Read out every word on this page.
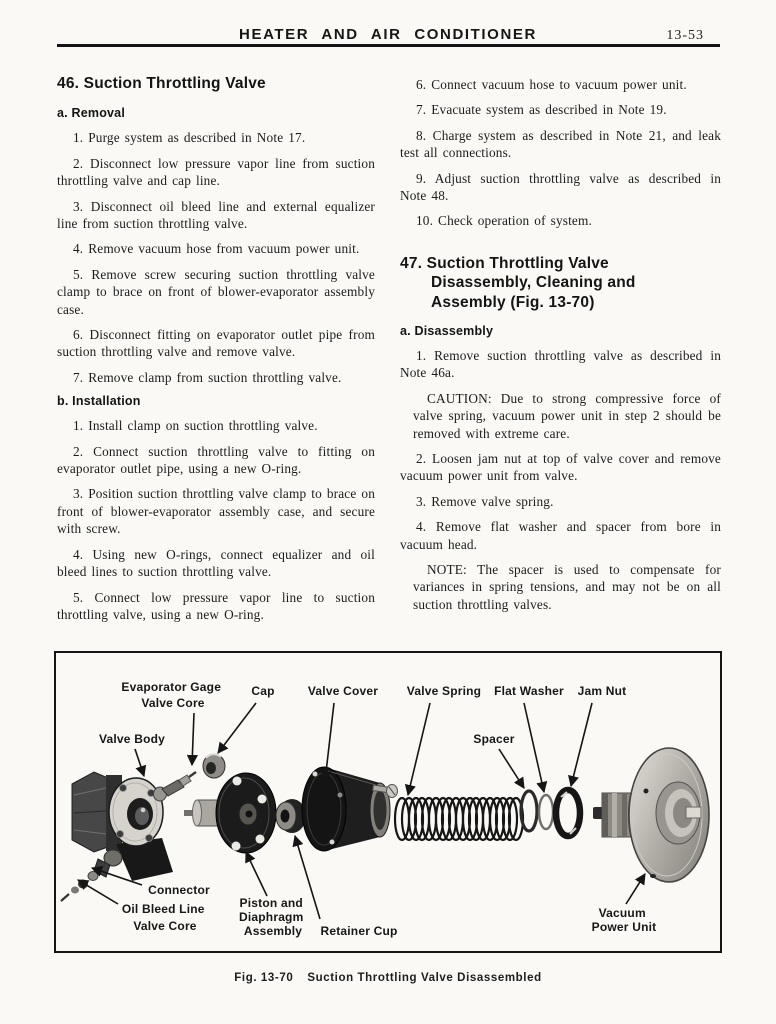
HEATER AND AIR CONDITIONER	13-53
46. Suction Throttling Valve
a. Removal

1. Purge system as described in Note 17.

2. Disconnect low pressure vapor line from suction throttling valve and cap line.

3. Disconnect oil bleed line and external equalizer line from suction throttling valve.

4. Remove vacuum hose from vacuum power unit.

5. Remove screw securing suction throttling valve clamp to brace on front of blower-evaporator assembly case.

6. Disconnect fitting on evaporator outlet pipe from suction throttling valve and remove valve.

7. Remove clamp from suction throttling valve.

b. Installation

1. Install clamp on suction throttling valve.

2. Connect suction throttling valve to fitting on evaporator outlet pipe, using a new O-ring.

3. Position suction throttling valve clamp to brace on front of blower-evaporator assembly case, and secure with screw.

4. Using new O-rings, connect equalizer and oil bleed lines to suction throttling valve.

5. Connect low pressure vapor line to suction throttling valve, using a new O-ring.

6. Connect vacuum hose to vacuum power unit.

7. Evacuate system as described in Note 19.

8. Charge system as described in Note 21, and leak test all connections.

9. Adjust suction throttling valve as described in Note 48.

10. Check operation of system.

47. Suction Throttling Valve Disassembly, Cleaning and Assembly (Fig. 13-70)
a. Disassembly

1. Remove suction throttling valve as described in Note 46a.

CAUTION: Due to strong compressive force of valve spring, vacuum power unit in step 2 should be removed with extreme care.

2. Loosen jam nut at top of valve cover and remove vacuum power unit from valve.

3. Remove valve spring.

4. Remove flat washer and spacer from bore in vacuum head.

NOTE: The spacer is used to compensate for variances in spring tensions, and may not be on all suction throttling valves.

Evaporator Gage Valve Core
Valve Body
Cap	Valve Cover Valve Spring Flat Washer Jam Nut
Spacer
Connector
Oil Bleed Line Valve Core
Piston and Diaphragm Assembly	Retainer Cup
Vacuum Power Unit
Fig. 13-70 Suction Throttling Valve Disassembled
